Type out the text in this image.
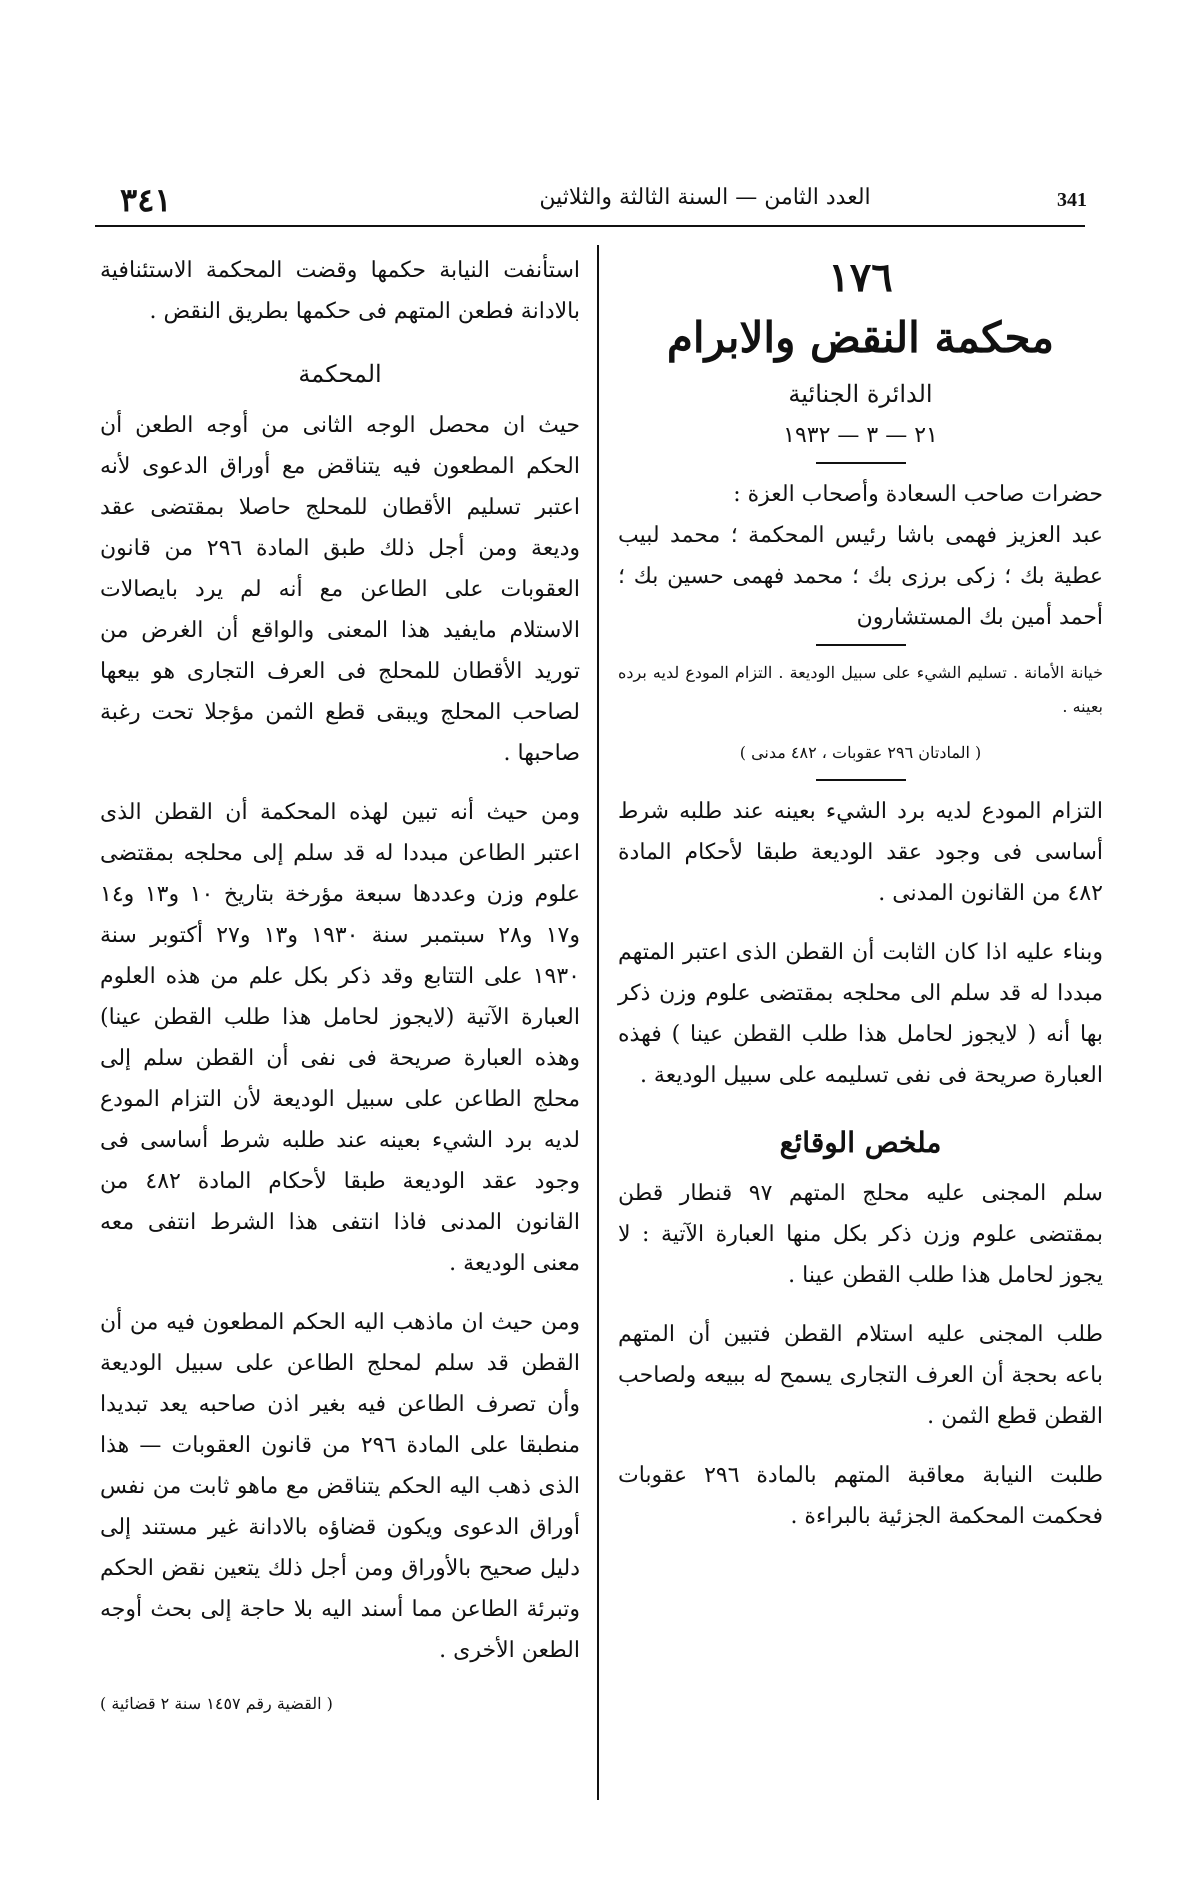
341
العدد الثامن — السنة الثالثة والثلاثين
٣٤١
١٧٦
محكمة النقض والابرام
الدائرة الجنائية
٢١ — ٣ — ١٩٣٢

حضرات صاحب السعادة وأصحاب العزة :

عبد العزيز فهمى باشا رئيس المحكمة ؛ محمد لبيب عطية بك ؛ زكى برزى بك ؛ محمد فهمى حسين بك ؛ أحمد أمين بك المستشارون

خيانة الأمانة . تسليم الشيء على سبيل الوديعة . التزام المودع لديه برده بعينه .

( المادتان ٢٩٦ عقوبات ، ٤٨٢ مدنى )

التزام المودع لديه برد الشيء بعينه عند طلبه شرط أساسى فى وجود عقد الوديعة طبقا لأحكام المادة ٤٨٢ من القانون المدنى .

وبناء عليه اذا كان الثابت أن القطن الذى اعتبر المتهم مبددا له قد سلم الى محلجه بمقتضى علوم وزن ذكر بها أنه ( لايجوز لحامل هذا طلب القطن عينا ) فهذه العبارة صريحة فى نفى تسليمه على سبيل الوديعة .

ملخص الوقائع

سلم المجنى عليه محلج المتهم ٩٧ قنطار قطن بمقتضى علوم وزن ذكر بكل منها العبارة الآتية : لا يجوز لحامل هذا طلب القطن عينا .

طلب المجنى عليه استلام القطن فتبين أن المتهم باعه بحجة أن العرف التجارى يسمح له ببيعه ولصاحب القطن قطع الثمن .

طلبت النيابة معاقبة المتهم بالمادة ٢٩٦ عقوبات فحكمت المحكمة الجزئية بالبراءة .

استأنفت النيابة حكمها وقضت المحكمة الاستئنافية بالادانة فطعن المتهم فى حكمها بطريق النقض .

المحكمة

حيث ان محصل الوجه الثانى من أوجه الطعن أن الحكم المطعون فيه يتناقض مع أوراق الدعوى لأنه اعتبر تسليم الأقطان للمحلج حاصلا بمقتضى عقد وديعة ومن أجل ذلك طبق المادة ٢٩٦ من قانون العقوبات على الطاعن مع أنه لم يرد بايصالات الاستلام مايفيد هذا المعنى والواقع أن الغرض من توريد الأقطان للمحلج فى العرف التجارى هو بيعها لصاحب المحلج ويبقى قطع الثمن مؤجلا تحت رغبة صاحبها .

ومن حيث أنه تبين لهذه المحكمة أن القطن الذى اعتبر الطاعن مبددا له قد سلم إلى محلجه بمقتضى علوم وزن وعددها سبعة مؤرخة بتاريخ ١٠ و١٣ و١٤ و١٧ و٢٨ سبتمبر سنة ١٩٣٠ و١٣ و٢٧ أكتوبر سنة ١٩٣٠ على التتابع وقد ذكر بكل علم من هذه العلوم العبارة الآتية (لايجوز لحامل هذا طلب القطن عينا) وهذه العبارة صريحة فى نفى أن القطن سلم إلى محلج الطاعن على سبيل الوديعة لأن التزام المودع لديه برد الشيء بعينه عند طلبه شرط أساسى فى وجود عقد الوديعة طبقا لأحكام المادة ٤٨٢ من القانون المدنى فاذا انتفى هذا الشرط انتفى معه معنى الوديعة .

ومن حيث ان ماذهب اليه الحكم المطعون فيه من أن القطن قد سلم لمحلج الطاعن على سبيل الوديعة وأن تصرف الطاعن فيه بغير اذن صاحبه يعد تبديدا منطبقا على المادة ٢٩٦ من قانون العقوبات — هذا الذى ذهب اليه الحكم يتناقض مع ماهو ثابت من نفس أوراق الدعوى ويكون قضاؤه بالادانة غير مستند إلى دليل صحيح بالأوراق ومن أجل ذلك يتعين نقض الحكم وتبرئة الطاعن مما أسند اليه بلا حاجة إلى بحث أوجه الطعن الأخرى .

( القضية رقم ١٤٥٧ سنة ٢ قضائية )
